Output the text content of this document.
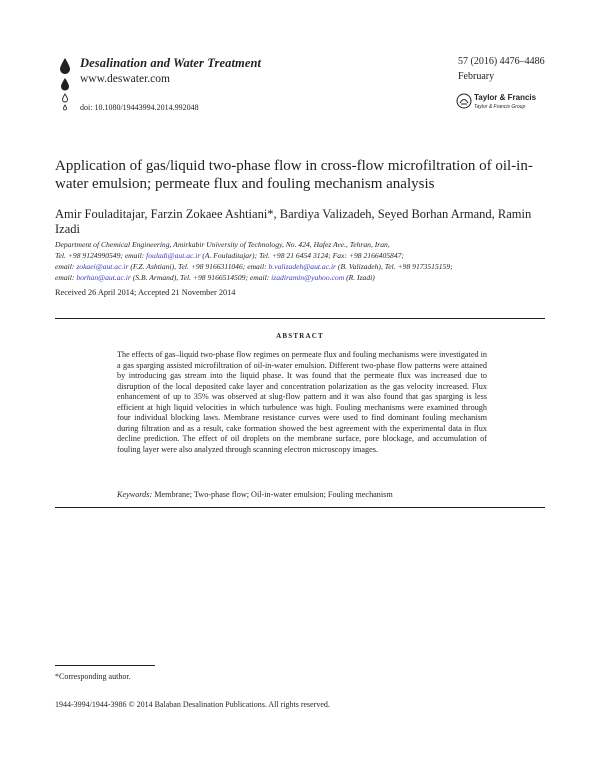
Desalination and Water Treatment
www.deswater.com
doi: 10.1080/19443994.2014.992048
57 (2016) 4476–4486
February
Taylor & Francis
Taylor & Francis Group
Application of gas/liquid two-phase flow in cross-flow microfiltration of oil-in-water emulsion; permeate flux and fouling mechanism analysis
Amir Fouladitajar, Farzin Zokaee Ashtiani*, Bardiya Valizadeh, Seyed Borhan Armand, Ramin Izadi
Department of Chemical Engineering, Amirkabir University of Technology, No. 424, Hafez Ave., Tehran, Iran,
Tel. +98 9124990549; email: fouladi@aut.ac.ir (A. Fouladitajar); Tel. +98 21 6454 3124; Fax: +98 2166405847;
email: zokaei@aut.ac.ir (F.Z. Ashtiani), Tel. +98 9166311046; email: b.valizadeh@aut.ac.ir (B. Valizadeh), Tel. +98 9173515159;
email: borhan@aut.ac.ir (S.B. Armand), Tel. +98 9166514509; email: izadiramin@yahoo.com (R. Izadi)
Received 26 April 2014; Accepted 21 November 2014
ABSTRACT
The effects of gas–liquid two-phase flow regimes on permeate flux and fouling mechanisms were investigated in a gas sparging assisted microfiltration of oil-in-water emulsion. Different two-phase flow patterns were attained by introducing gas stream into the liquid phase. It was found that the permeate flux was increased due to disruption of the local deposited cake layer and concentration polarization as the gas velocity increased. Flux enhancement of up to 35% was observed at slug-flow pattern and it was also found that gas sparging is less efficient at high liquid velocities in which turbulence was high. Fouling mechanisms were examined through four individual blocking laws. Membrane resistance curves were used to find dominant fouling mechanism during filtration and as a result, cake formation showed the best agreement with the experimental data in flux decline prediction. The effect of oil droplets on the membrane surface, pore blockage, and accumulation of fouling layer were also analyzed through scanning electron microscopy images.
Keywords: Membrane; Two-phase flow; Oil-in-water emulsion; Fouling mechanism
*Corresponding author.
1944-3994/1944-3986 © 2014 Balaban Desalination Publications. All rights reserved.
